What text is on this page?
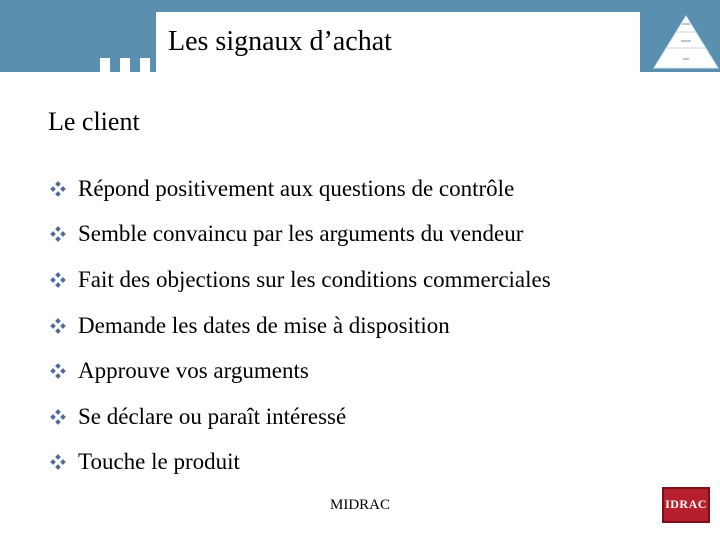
Les signaux d’achat
Le client
Répond positivement aux questions de contrôle
Semble convaincu par les arguments du vendeur
Fait des objections sur les conditions commerciales
Demande les dates de mise à disposition
Approuve vos arguments
Se déclare ou paraît intéressé
Touche le produit
MIDRAC	IDRAC
